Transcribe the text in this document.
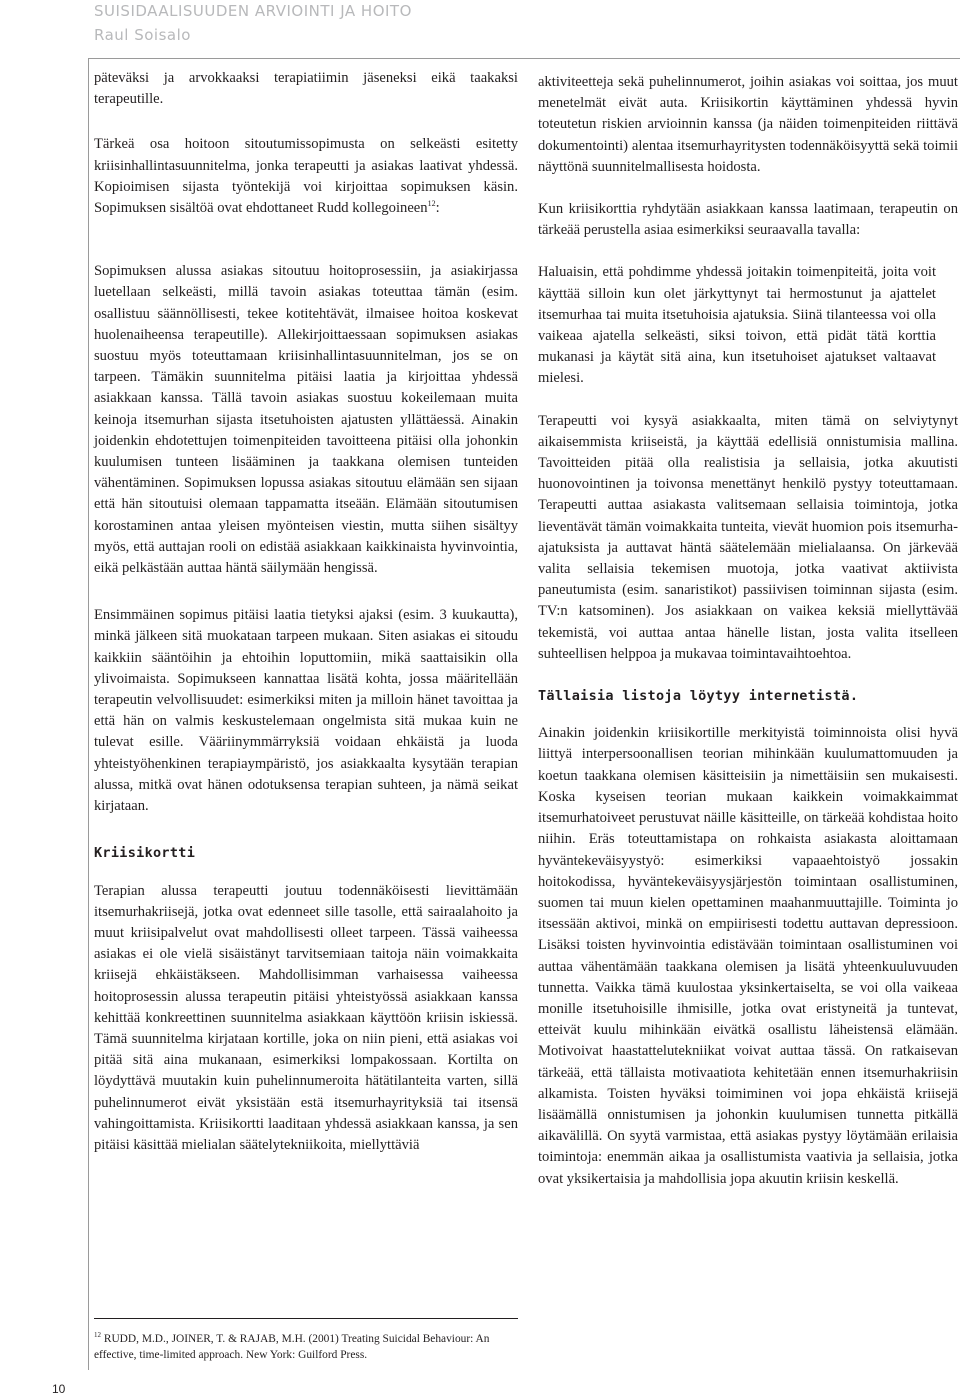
SUISIDAALISUUDEN ARVIOINTI JA HOITO
Raul Soisalo

päteväksi ja arvokkaaksi terapiatiimin jäseneksi eikä taakaksi terapeutille.

Tärkeä osa hoitoon sitoutumissopimusta on selkeästi esitetty kriisinhallintasuunnitelma, jonka terapeutti ja asiakas laativat yhdessä. Kopioimisen sijasta työntekijä voi kirjoittaa sopimuksen käsin. Sopimuksen sisältöä ovat ehdottaneet Rudd kollegoineen$^{12}$:

Sopimuksen alussa asiakas sitoutuu hoitoprosessiin, ja asiakirjassa luetellaan selkeästi, millä tavoin asiakas toteuttaa tämän (esim. osallistuu säännöllisesti, tekee kotitehtävät, ilmaisee hoitoa koskevat huolenaiheensa terapeutille). Allekirjoittaessaan sopimuksen asiakas suostuu myös toteuttamaan kriisinhallintasuunnitelman, jos se on tarpeen. Tämäkin suunnitelma pitäisi laatia ja kirjoittaa yhdessä asiakkaan kanssa. Tällä tavoin asiakas suostuu kokeilemaan muita keinoja itsemurhan sijasta itsetuhoisten ajatusten yllättäessä. Ainakin joidenkin ehdotettujen toimenpiteiden tavoitteena pitäisi olla johonkin kuulumisen tunteen lisääminen ja taakkana olemisen tunteiden vähentäminen. Sopimuksen lopussa asiakas sitoutuu elämään sen sijaan että hän sitoutuisi olemaan tappamatta itseään. Elämään sitoutumisen korostaminen antaa yleisen myönteisen viestin, mutta siihen sisältyy myös, että auttajan rooli on edistää asiakkaan kaikkinaista hyvinvointia, eikä pelkästään auttaa häntä säilymään hengissä.

Ensimmäinen sopimus pitäisi laatia tietyksi ajaksi (esim. 3 kuukautta), minkä jälkeen sitä muokataan tarpeen mukaan. Siten asiakas ei sitoudu kaikkiin sääntöihin ja ehtoihin loputtomiin, mikä saattaisikin olla ylivoimaista. Sopimukseen kannattaa lisätä kohta, jossa määritellään terapeutin velvollisuudet: esimerkiksi miten ja milloin hänet tavoittaa ja että hän on valmis keskustelemaan ongelmista sitä mukaa kuin ne tulevat esille. Vääriinymmärryksiä voidaan ehkäistä ja luoda yhteistyöhenkinen terapiaympäristö, jos asiakkaalta kysytään terapian alussa, mitkä ovat hänen odotuksensa terapian suhteen, ja nämä seikat kirjataan.

Kriisikortti

Terapian alussa terapeutti joutuu todennäköisesti lievittämään itsemurhakriisejä, jotka ovat edenneet sille tasolle, että sairaalahoito ja muut kriisipalvelut ovat mahdollisesti olleet tarpeen. Tässä vaiheessa asiakas ei ole vielä sisäistänyt tarvitsemiaan taitoja näin voimakkaita kriisejä ehkäistäkseen. Mahdollisimman varhaisessa vaiheessa hoitoprosessin alussa terapeutin pitäisi yhteistyössä asiakkaan kanssa kehittää konkreettinen suunnitelma asiakkaan käyttöön kriisin iskiessä. Tämä suunnitelma kirjataan kortille, joka on niin pieni, että asiakas voi pitää sitä aina mukanaan, esimerkiksi lompakossaan. Kortilta on löydyttävä muutakin kuin puhelinnumeroita hätätilanteita varten, sillä puhelinnumerot eivät yksistään estä itsemurhayrityksiä tai itsensä vahingoittamista. Kriisikortti laaditaan yhdessä asiakkaan kanssa, ja sen pitäisi käsittää mielialan säätelytekniikoita, miellyttäviä

aktiviteetteja sekä puhelinnumerot, joihin asiakas voi soittaa, jos muut menetelmät eivät auta. Kriisikortin käyttäminen yhdessä hyvin toteutetun riskien arvioinnin kanssa (ja näiden toimenpiteiden riittävä dokumentointi) alentaa itsemurhayritysten todennäköisyyttä sekä toimii näyttönä suunnitelmallisesta hoidosta.

Kun kriisikorttia ryhdytään asiakkaan kanssa laatimaan, terapeutin on tärkeää perustella asiaa esimerkiksi seuraavalla tavalla:

Haluaisin, että pohdimme yhdessä joitakin toimenpiteitä, joita voit käyttää silloin kun olet järkyttynyt tai hermostunut ja ajattelet itsemurhaa tai muita itsetuhoisia ajatuksia. Siinä tilanteessa voi olla vaikeaa ajatella selkeästi, siksi toivon, että pidät tätä korttia mukanasi ja käytät sitä aina, kun itsetuhoiset ajatukset valtaavat mielesi.

Terapeutti voi kysyä asiakkaalta, miten tämä on selviytynyt aikaisemmista kriiseistä, ja käyttää edellisiä onnistumisia mallina. Tavoitteiden pitää olla realistisia ja sellaisia, jotka akuutisti huonovointinen ja toivonsa menettänyt henkilö pystyy toteuttamaan. Terapeutti auttaa asiakasta valitsemaan sellaisia toimintoja, jotka lieventävät tämän voimakkaita tunteita, vievät huomion pois itsemurha-ajatuksista ja auttavat häntä säätelemään mielialaansa. On järkevää valita sellaisia tekemisen muotoja, jotka vaativat aktiivista paneutumista (esim. sanaristikot) passiivisen toiminnan sijasta (esim. TV:n katsominen). Jos asiakkaan on vaikea keksiä miellyttävää tekemistä, voi auttaa antaa hänelle listan, josta valita itselleen suhteellisen helppoa ja mukavaa toimintavaihtoehtoa.

Tällaisia listoja löytyy internetistä.

Ainakin joidenkin kriisikortille merkityistä toiminnoista olisi hyvä liittyä interpersoonallisen teorian mihinkään kuulumattomuuden ja koetun taakkana olemisen käsitteisiin ja nimettäisiin sen mukaisesti. Koska kyseisen teorian mukaan kaikkein voimakkaimmat itsemurhatoiveet perustuvat näille käsitteille, on tärkeää kohdistaa hoito niihin. Eräs toteuttamistapa on rohkaista asiakasta aloittamaan hyväntekeväisyystyö: esimerkiksi vapaaehtoistyö jossakin hoitokodissa, hyväntekeväisyysjärjestön toimintaan osallistuminen, suomen tai muun kielen opettaminen maahanmuuttajille. Toiminta jo itsessään aktivoi, minkä on empiirisesti todettu auttavan depressioon. Lisäksi toisten hyvinvointia edistävään toimintaan osallistuminen voi auttaa vähentämään taakkana olemisen ja lisätä yhteenkuuluvuuden tunnetta. Vaikka tämä kuulostaa yksinkertaiselta, se voi olla vaikeaa monille itsetuhoisille ihmisille, jotka ovat eristyneitä ja tuntevat, etteivät kuulu mihinkään eivätkä osallistu läheistensä elämään. Motivoivat haastattelutekniikat voivat auttaa tässä. On ratkaisevan tärkeää, että tällaista motivaatiota kehitetään ennen itsemurhakriisin alkamista. Toisten hyväksi toimiminen voi jopa ehkäistä kriisejä lisäämällä onnistumisen ja johonkin kuulumisen tunnetta pitkällä aikavälillä. On syytä varmistaa, että asiakas pystyy löytämään erilaisia toimintoja: enemmän aikaa ja osallistumista vaativia ja sellaisia, jotka ovat yksikertaisia ja mahdollisia jopa akuutin kriisin keskellä.

$^{12}$ RUDD, M.D., JOINER, T. & RAJAB, M.H. (2001) Treating Suicidal Behaviour: An effective, time-limited approach. New York: Guilford Press.
10
